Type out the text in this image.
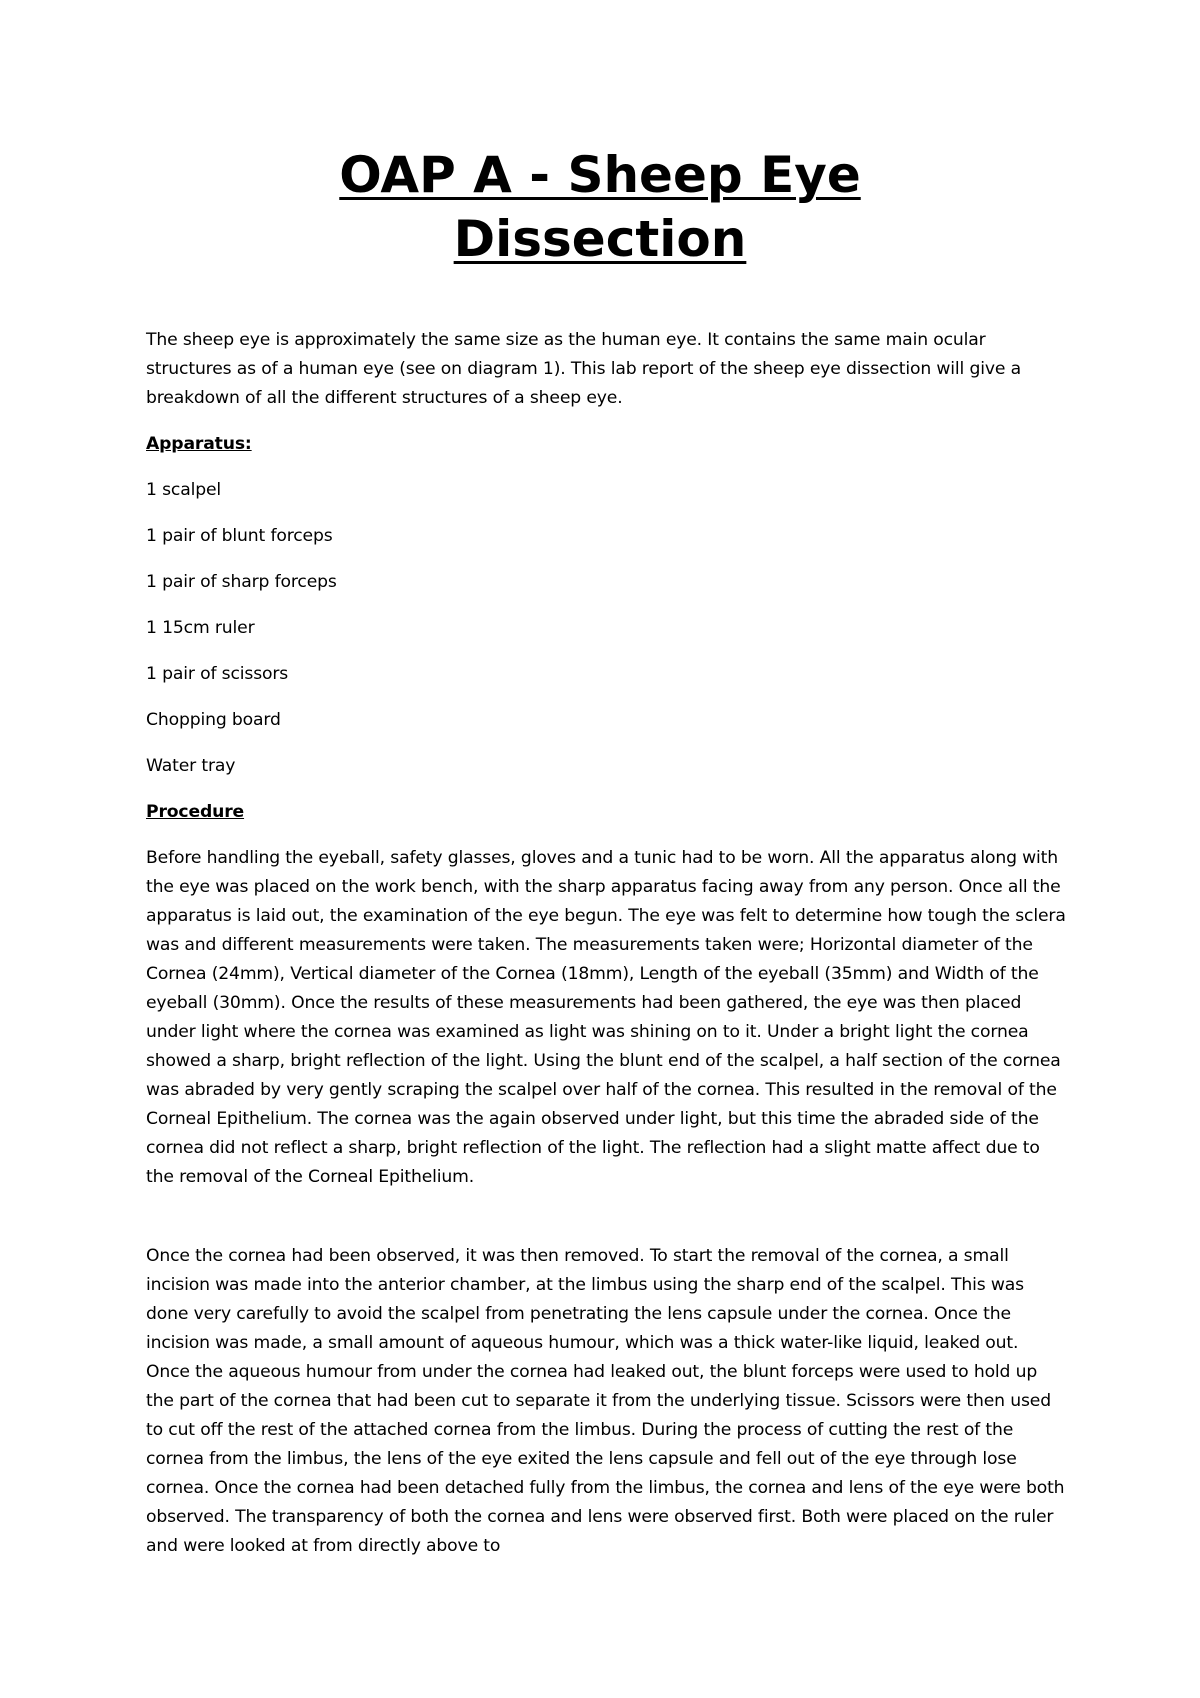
OAP A - Sheep Eye
Dissection

The sheep eye is approximately the same size as the human eye. It contains the same main ocular structures as of a human eye (see on diagram 1). This lab report of the sheep eye dissection will give a breakdown of all the different structures of a sheep eye.

Apparatus:

1 scalpel

1 pair of blunt forceps

1 pair of sharp forceps

1 15cm ruler

1 pair of scissors

Chopping board

Water tray

Procedure

Before handling the eyeball, safety glasses, gloves and a tunic had to be worn. All the apparatus along with the eye was placed on the work bench, with the sharp apparatus facing away from any person. Once all the apparatus is laid out, the examination of the eye begun. The eye was felt to determine how tough the sclera was and different measurements were taken. The measurements taken were; Horizontal diameter of the Cornea (24mm), Vertical diameter of the Cornea (18mm), Length of the eyeball (35mm) and Width of the eyeball (30mm). Once the results of these measurements had been gathered, the eye was then placed under light where the cornea was examined as light was shining on to it. Under a bright light the cornea showed a sharp, bright reflection of the light. Using the blunt end of the scalpel, a half section of the cornea was abraded by very gently scraping the scalpel over half of the cornea. This resulted in the removal of the Corneal Epithelium. The cornea was the again observed under light, but this time the abraded side of the cornea did not reflect a sharp, bright reflection of the light. The reflection had a slight matte affect due to the removal of the Corneal Epithelium.

Once the cornea had been observed, it was then removed. To start the removal of the cornea, a small incision was made into the anterior chamber, at the limbus using the sharp end of the scalpel. This was done very carefully to avoid the scalpel from penetrating the lens capsule under the cornea. Once the incision was made, a small amount of aqueous humour, which was a thick water-like liquid, leaked out. Once the aqueous humour from under the cornea had leaked out, the blunt forceps were used to hold up the part of the cornea that had been cut to separate it from the underlying tissue. Scissors were then used to cut off the rest of the attached cornea from the limbus. During the process of cutting the rest of the cornea from the limbus, the lens of the eye exited the lens capsule and fell out of the eye through lose cornea. Once the cornea had been detached fully from the limbus, the cornea and lens of the eye were both observed. The transparency of both the cornea and lens were observed first. Both were placed on the ruler and were looked at from directly above to
